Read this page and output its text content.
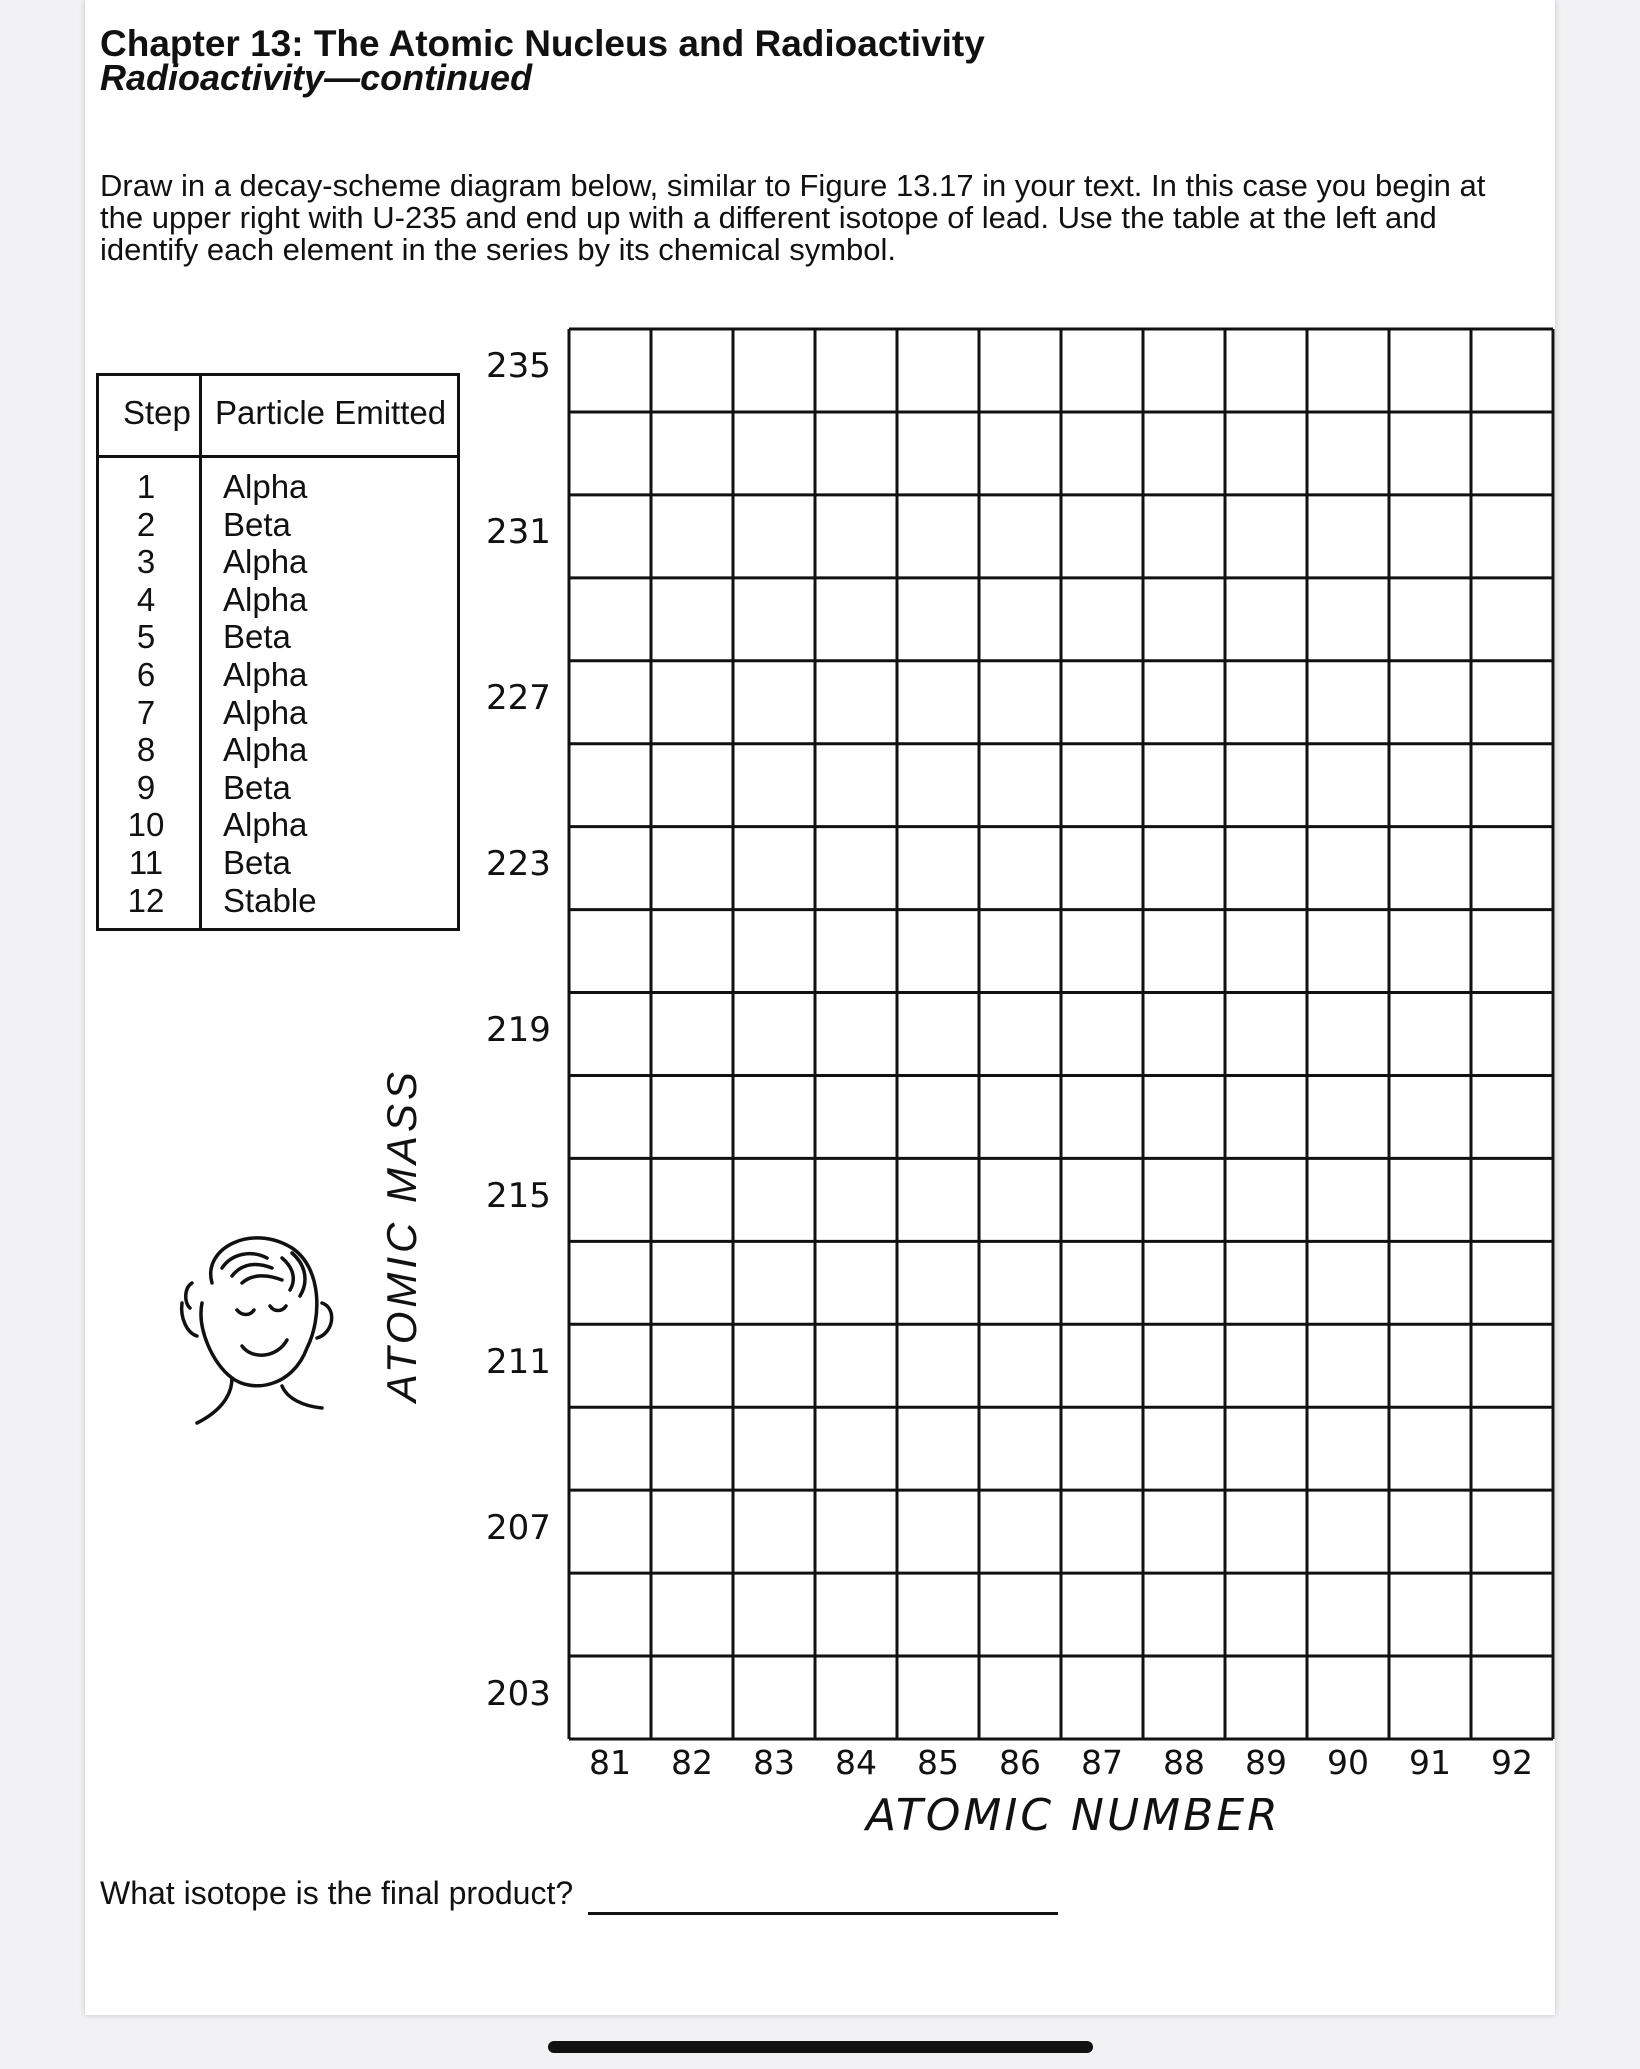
Chapter 13: The Atomic Nucleus and Radioactivity
Radioactivity—continued
Draw in a decay-scheme diagram below, similar to Figure 13.17 in your text. In this case you begin at the upper right with U-235 and end up with a different isotope of lead. Use the table at the left and identify each element in the series by its chemical symbol.
Step Particle Emitted
1	Alpha
2	Beta
3	Alpha
4	Alpha
5	Beta
6	Alpha
7	Alpha
8	Alpha
9	Beta
10	Alpha
11	Beta
12	Stable
ATOMIC MASS
235
231
227
223
219
215
211
207
203
81 82 83 84 85 86 87 88 89 90 91 92
ATOMIC NUMBER
What isotope is the final product?
